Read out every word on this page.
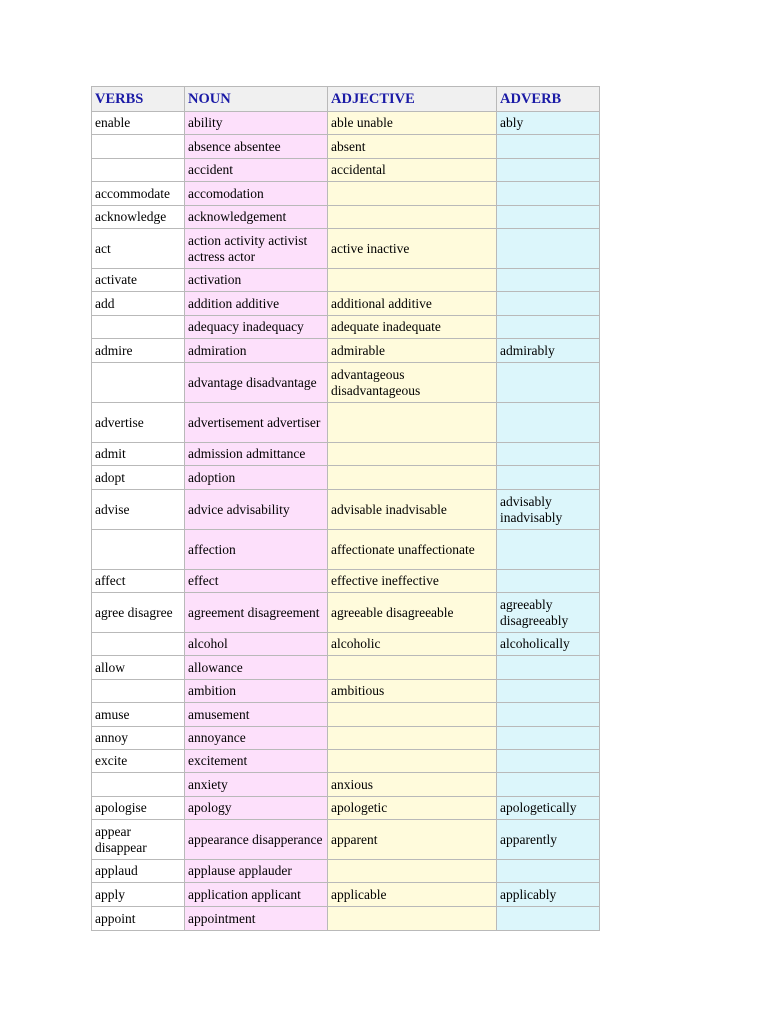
VERBS	NOUN	ADJECTIVE	ADVERB
enable	ability	able unable	ably
	absence absentee	absent	
	accident	accidental	
accommodate	accomodation		
acknowledge	acknowledgement		
act	action activity activist actress actor	active inactive	
activate	activation		
add	addition additive	additional additive	
	adequacy inadequacy	adequate inadequate	
admire	admiration	admirable	admirably
	advantage disadvantage	advantageous disadvantageous	
advertise	advertisement advertiser		
admit	admission admittance		
adopt	adoption		
advise	advice advisability	advisable inadvisable	advisably inadvisably
	affection	affectionate unaffectionate	
affect	effect	effective ineffective	
agree disagree	agreement disagreement	agreeable disagreeable	agreeably disagreeably
	alcohol	alcoholic	alcoholically
allow	allowance		
	ambition	ambitious	
amuse	amusement		
annoy	annoyance		
excite	excitement		
	anxiety	anxious	
apologise	apology	apologetic	apologetically
appear disappear	appearance disapperance	apparent	apparently
applaud	applause applauder		
apply	application applicant	applicable	applicably
appoint	appointment		
